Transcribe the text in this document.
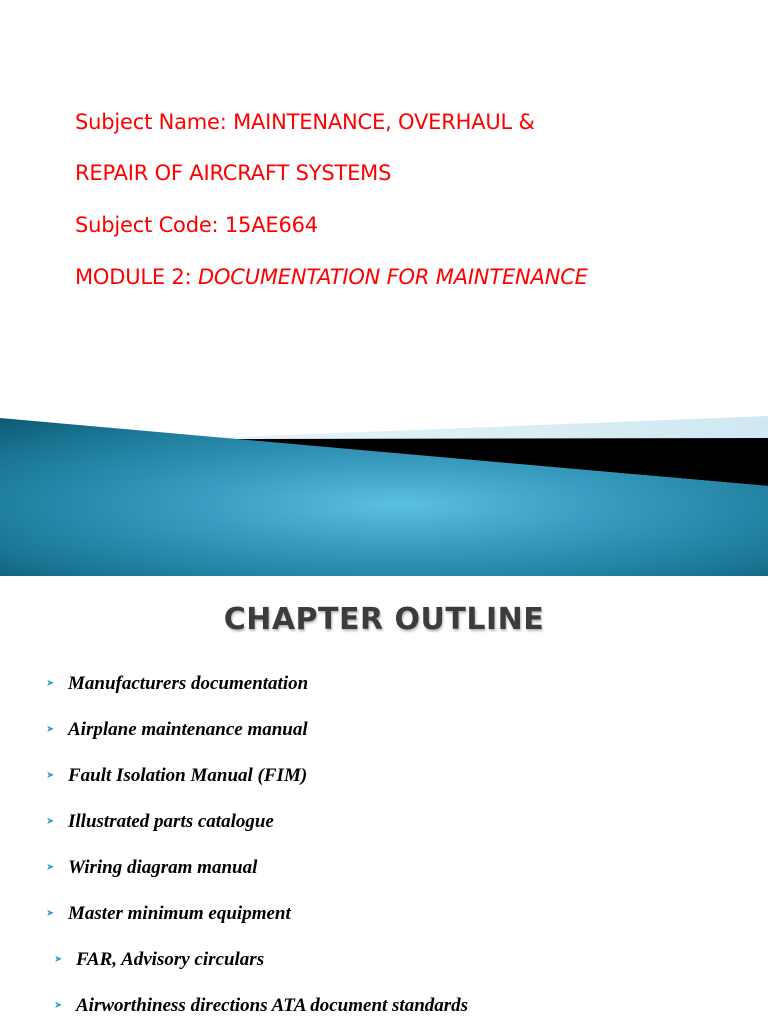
Subject Name: MAINTENANCE, OVERHAUL &

REPAIR OF AIRCRAFT SYSTEMS

Subject Code: 15AE664

MODULE 2: DOCUMENTATION FOR MAINTENANCE

CHAPTER OUTLINE
➤ Manufacturers documentation
➤ Airplane maintenance manual
➤ Fault Isolation Manual (FIM)
➤ Illustrated parts catalogue
➤ Wiring diagram manual
➤ Master minimum equipment
➤ FAR, Advisory circulars
➤ Airworthiness directions ATA document standards
